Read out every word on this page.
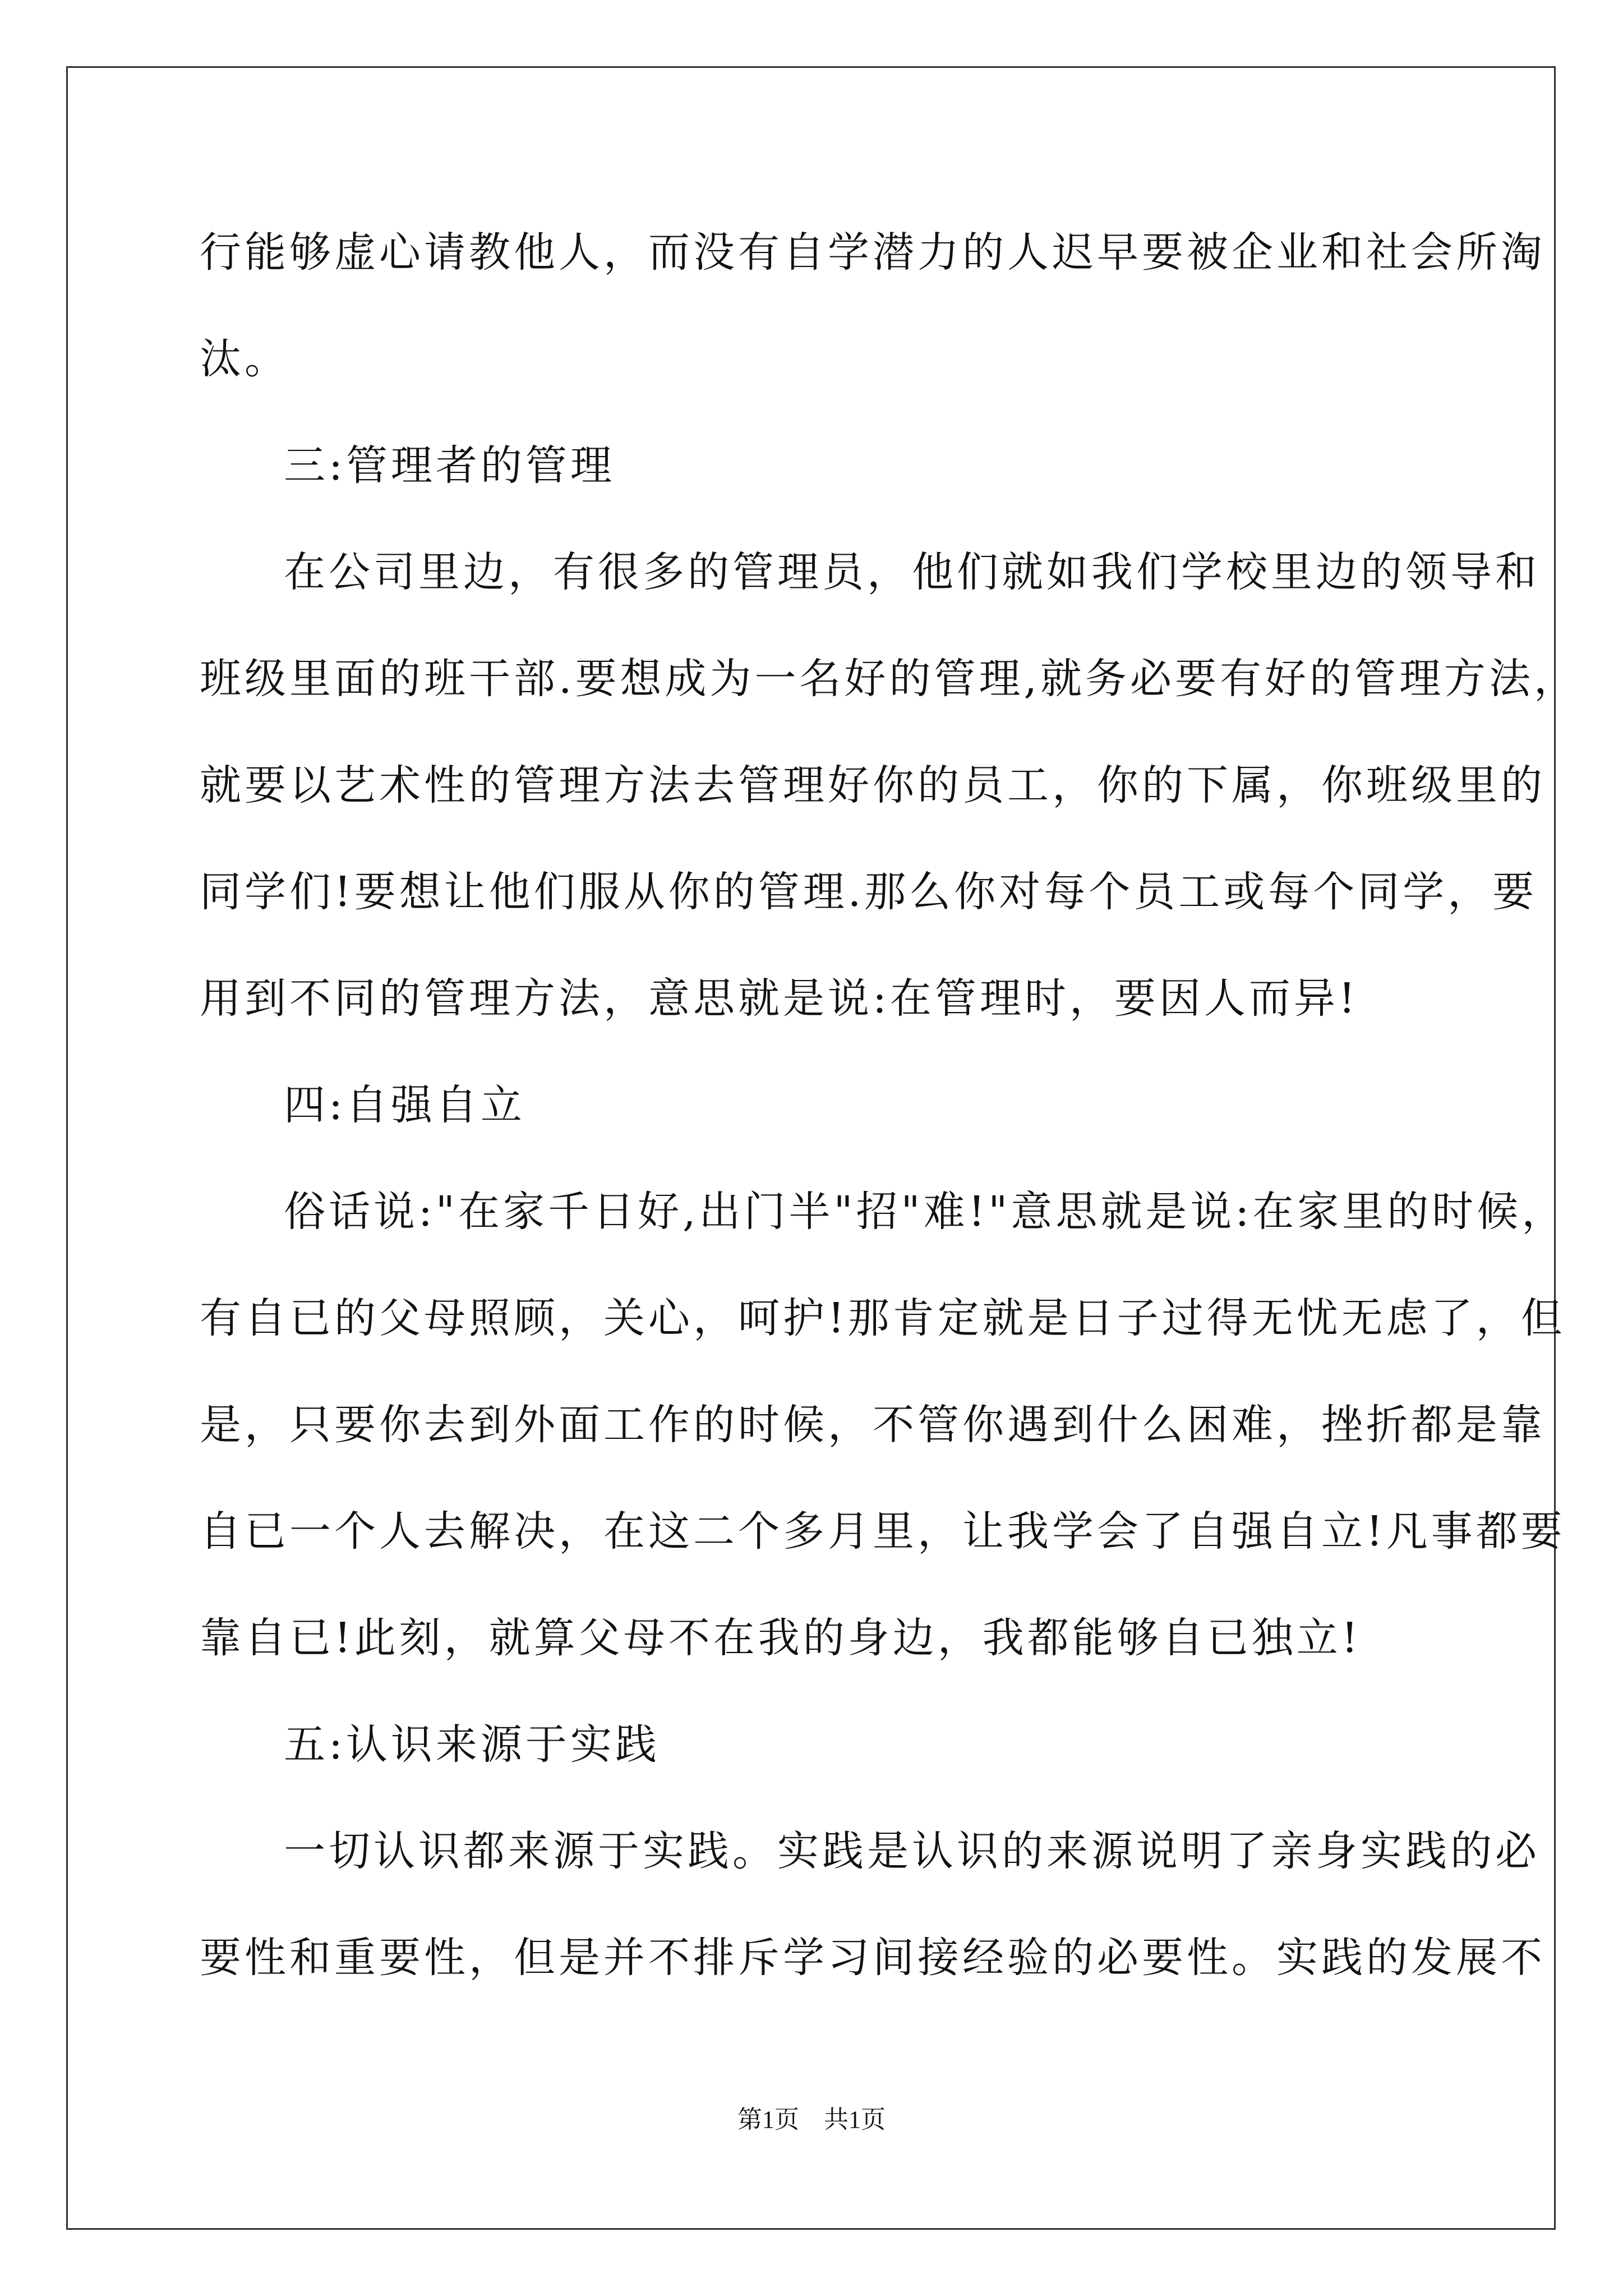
行能够虚心请教他人，而没有自学潜力的人迟早要被企业和社会所淘
汰。
三:管理者的管理
在公司里边，有很多的管理员，他们就如我们学校里边的领导和
班级里面的班干部.要想成为一名好的管理,就务必要有好的管理方法，
就要以艺术性的管理方法去管理好你的员工，你的下属，你班级里的
同学们!要想让他们服从你的管理.那么你对每个员工或每个同学，要
用到不同的管理方法，意思就是说:在管理时，要因人而异!
四:自强自立
俗话说:"在家千日好,出门半"招"难!"意思就是说:在家里的时候，
有自已的父母照顾，关心，呵护!那肯定就是日子过得无忧无虑了，但
是，只要你去到外面工作的时候，不管你遇到什么困难，挫折都是靠
自已一个人去解决，在这二个多月里，让我学会了自强自立!凡事都要
靠自已!此刻，就算父母不在我的身边，我都能够自已独立!
五:认识来源于实践
一切认识都来源于实践。实践是认识的来源说明了亲身实践的必
要性和重要性，但是并不排斥学习间接经验的必要性。实践的发展不
第1页　共1页
